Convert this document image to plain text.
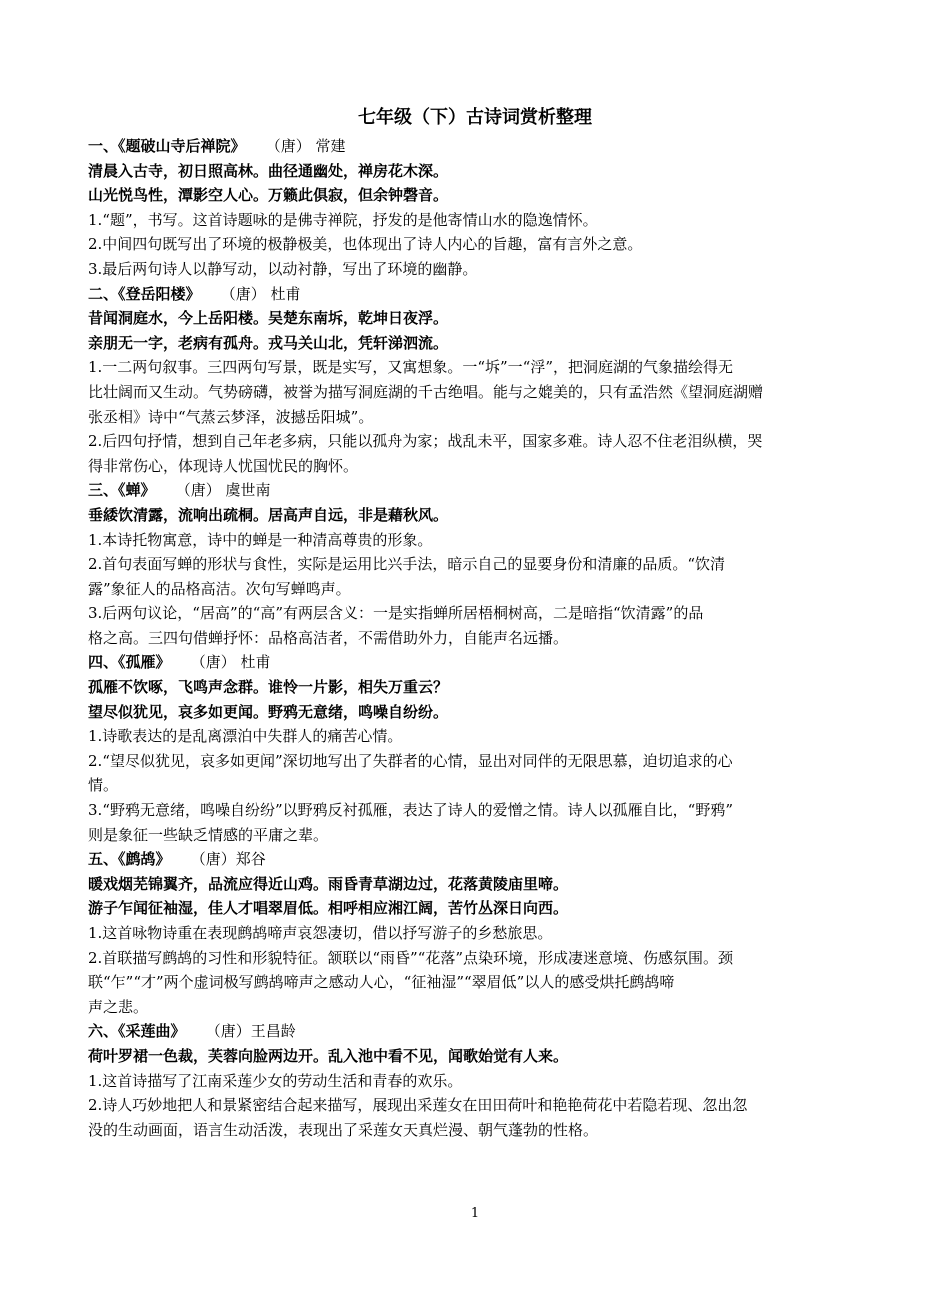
七年级（下）古诗词赏析整理

一、《题破山寺后禅院》  （唐） 常建

清晨入古寺，初日照高林。曲径通幽处，禅房花木深。

山光悦鸟性，潭影空人心。万籁此俱寂，但余钟磬音。

1.“题”，书写。这首诗题咏的是佛寺禅院，抒发的是他寄情山水的隐逸情怀。

2.中间四句既写出了环境的极静极美，也体现出了诗人内心的旨趣，富有言外之意。

3.最后两句诗人以静写动，以动衬静，写出了环境的幽静。

二、《登岳阳楼》  （唐） 杜甫

昔闻洞庭水，今上岳阳楼。吴楚东南坼，乾坤日夜浮。

亲朋无一字，老病有孤舟。戎马关山北，凭轩涕泗流。

1.一二两句叙事。三四两句写景，既是实写，又寓想象。一“坼”一“浮”，把洞庭湖的气象描绘得无

比壮阔而又生动。气势磅礴，被誉为描写洞庭湖的千古绝唱。能与之媲美的，只有孟浩然《望洞庭湖赠

张丞相》诗中“气蒸云梦泽，波撼岳阳城”。

2.后四句抒情，想到自己年老多病，只能以孤舟为家；战乱未平，国家多难。诗人忍不住老泪纵横，哭

得非常伤心，体现诗人忧国忧民的胸怀。

三、《蝉》  （唐） 虞世南

垂緌饮清露，流响出疏桐。居高声自远，非是藉秋风。

1.本诗托物寓意，诗中的蝉是一种清高尊贵的形象。

2.首句表面写蝉的形状与食性，实际是运用比兴手法，暗示自己的显要身份和清廉的品质。“饮清

露”象征人的品格高洁。次句写蝉鸣声。

3.后两句议论，“居高”的“高”有两层含义：一是实指蝉所居梧桐树高，二是暗指“饮清露”的品

格之高。三四句借蝉抒怀：品格高洁者，不需借助外力，自能声名远播。

四、《孤雁》  （唐） 杜甫

孤雁不饮啄，飞鸣声念群。谁怜一片影，相失万重云？

望尽似犹见，哀多如更闻。野鸦无意绪，鸣噪自纷纷。

1.诗歌表达的是乱离漂泊中失群人的痛苦心情。

2.“望尽似犹见，哀多如更闻”深切地写出了失群者的心情，显出对同伴的无限思慕，迫切追求的心

情。

3.“野鸦无意绪，鸣噪自纷纷”以野鸦反衬孤雁，表达了诗人的爱憎之情。诗人以孤雁自比，“野鸦”

则是象征一些缺乏情感的平庸之辈。

五、《鹧鸪》  （唐）郑谷

暖戏烟芜锦翼齐，品流应得近山鸡。雨昏青草湖边过，花落黄陵庙里啼。

游子乍闻征袖湿，佳人才唱翠眉低。相呼相应湘江阔，苦竹丛深日向西。

1.这首咏物诗重在表现鹧鸪啼声哀怨凄切，借以抒写游子的乡愁旅思。

2.首联描写鹧鸪的习性和形貌特征。颔联以“雨昏”“花落”点染环境，形成凄迷意境、伤感氛围。颈

联“乍”“才”两个虚词极写鹧鸪啼声之感动人心，“征袖湿”“翠眉低”以人的感受烘托鹧鸪啼

声之悲。

六、《采莲曲》  （唐）王昌龄

荷叶罗裙一色裁，芙蓉向脸两边开。乱入池中看不见，闻歌始觉有人来。

1.这首诗描写了江南采莲少女的劳动生活和青春的欢乐。

2.诗人巧妙地把人和景紧密结合起来描写，展现出采莲女在田田荷叶和艳艳荷花中若隐若现、忽出忽

没的生动画面，语言生动活泼，表现出了采莲女天真烂漫、朝气蓬勃的性格。

1
